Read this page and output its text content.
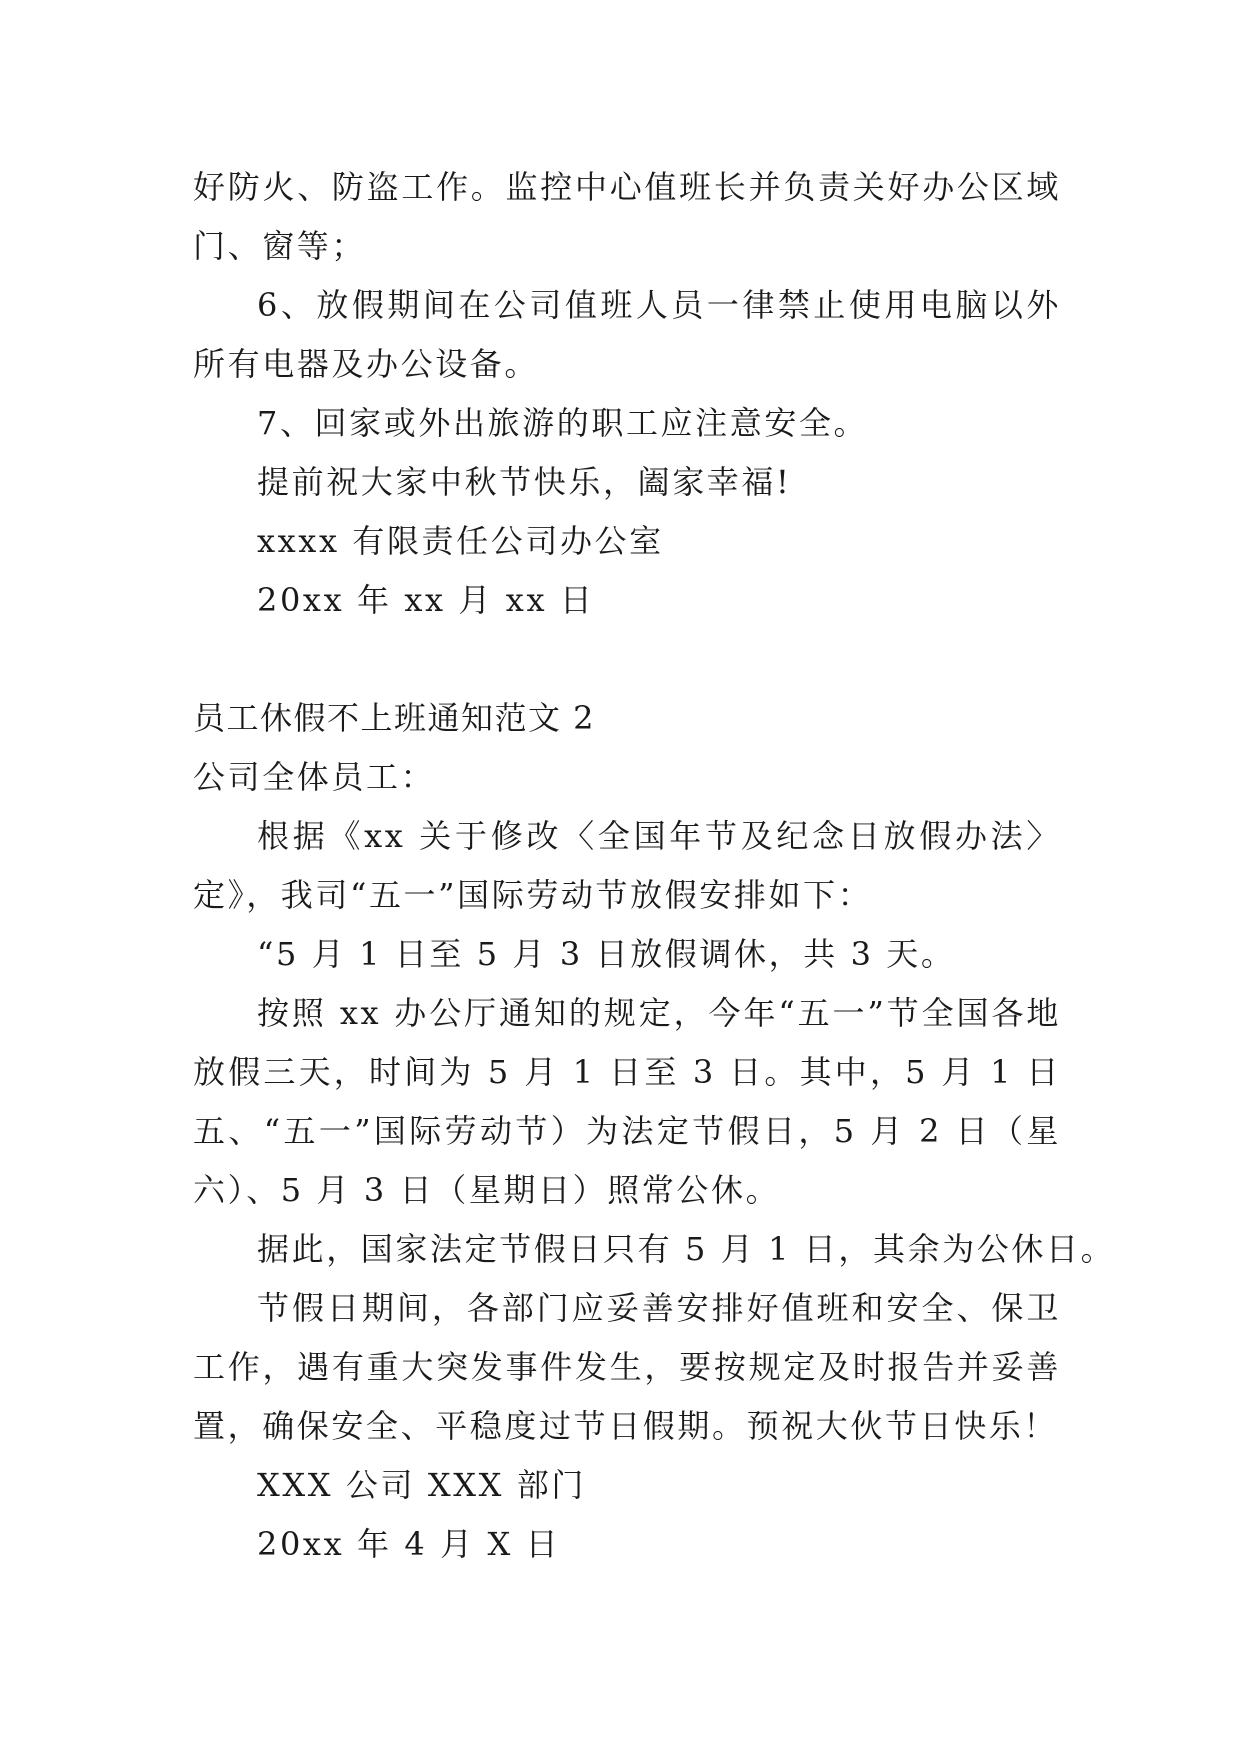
好防火、防盗工作。监控中心值班长并负责关好办公区域

门、窗等；

6、放假期间在公司值班人员一律禁止使用电脑以外

所有电器及办公设备。

7、回家或外出旅游的职工应注意安全。

提前祝大家中秋节快乐，阖家幸福!

xxxx 有限责任公司办公室

20xx 年 xx 月 xx 日

员工休假不上班通知范文 2

公司全体员工：

根据《xx 关于修改〈全国年节及纪念日放假办法〉

定》，我司“五一”国际劳动节放假安排如下：

“5 月 1 日至 5 月 3 日放假调休，共 3 天。

按照 xx 办公厅通知的规定，今年“五一”节全国各地

放假三天，时间为 5 月 1 日至 3 日。其中，5 月 1 日

五、“五一”国际劳动节）为法定节假日，5 月 2 日（星

六）、5 月 3 日（星期日）照常公休。

据此，国家法定节假日只有 5 月 1 日，其余为公休日。

节假日期间，各部门应妥善安排好值班和安全、保卫

工作，遇有重大突发事件发生，要按规定及时报告并妥善

置，确保安全、平稳度过节日假期。预祝大伙节日快乐！

XXX 公司 XXX 部门

20xx 年 4 月 X 日
